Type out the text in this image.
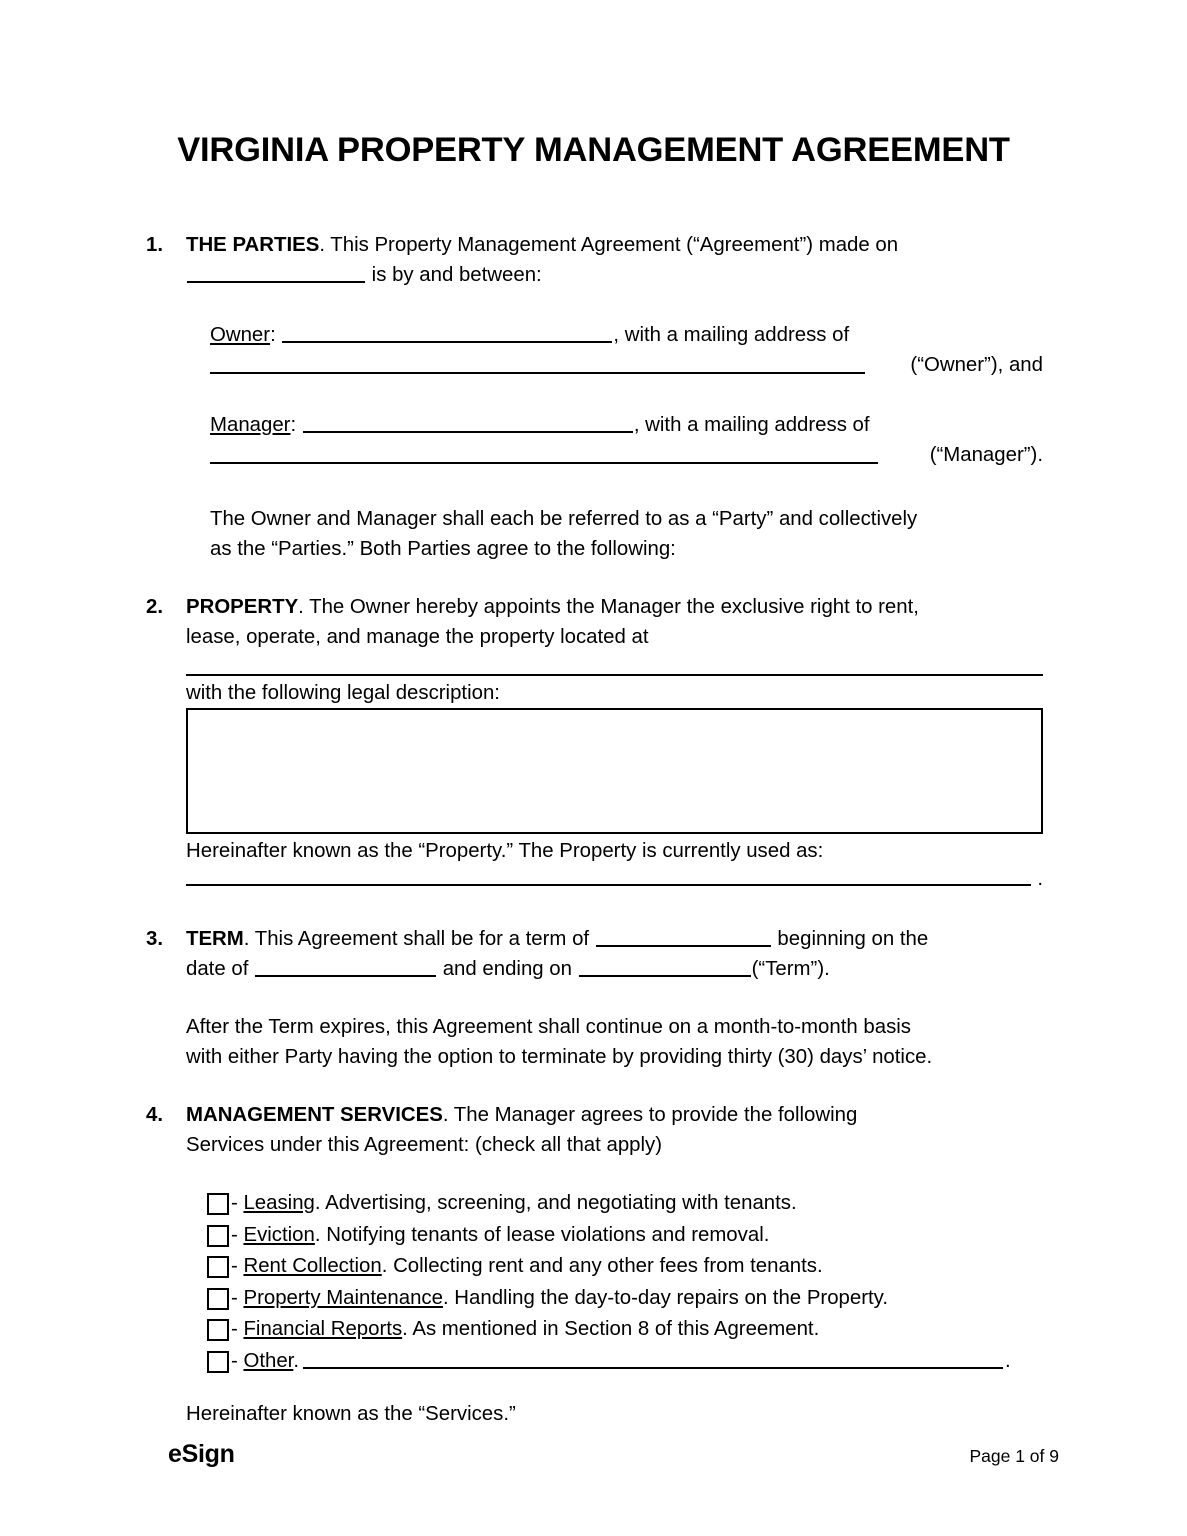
VIRGINIA PROPERTY MANAGEMENT AGREEMENT
1.	THE PARTIES. This Property Management Agreement (“Agreement”) made on
is by and between:

Owner:	, with a mailing address of
(“Owner”), and
Manager:	, with a mailing address of
(“Manager”).
The Owner and Manager shall each be referred to as a “Party” and collectively
as the “Parties.” Both Parties agree to the following:
2.	PROPERTY. The Owner hereby appoints the Manager the exclusive right to rent,
lease, operate, and manage the property located at

with the following legal description:
Hereinafter known as the “Property.” The Property is currently used as:
.
3.	TERM. This Agreement shall be for a term of	beginning on the
date of	and ending on	(“Term”).

After the Term expires, this Agreement shall continue on a month-to-month basis
with either Party having the option to terminate by providing thirty (30) days’ notice.
4.	MANAGEMENT SERVICES. The Manager agrees to provide the following
Services under this Agreement: (check all that apply)

- Leasing. Advertising, screening, and negotiating with tenants.
- Eviction. Notifying tenants of lease violations and removal.
- Rent Collection. Collecting rent and any other fees from tenants.
- Property Maintenance. Handling the day-to-day repairs on the Property.
- Financial Reports. As mentioned in Section 8 of this Agreement.
- Other.	.
Hereinafter known as the “Services.”
eSign	Page 1 of 9
